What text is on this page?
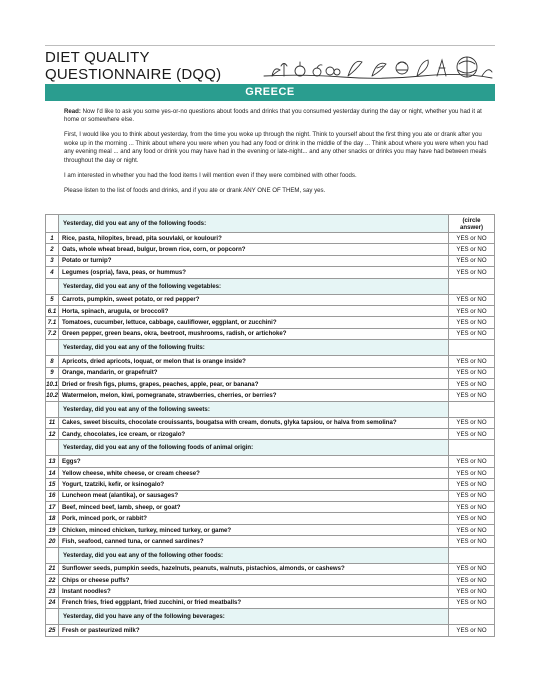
DIET QUALITY
QUESTIONNAIRE (DQQ)
GREECE

Read: Now I'd like to ask you some yes-or-no questions about foods and drinks that you consumed yesterday during the day or night, whether you had it at home or somewhere else.

First, I would like you to think about yesterday, from the time you woke up through the night. Think to yourself about the first thing you ate or drank after you woke up in the morning ... Think about where you were when you had any food or drink in the middle of the day ... Think about where you were when you had any evening meal ... and any food or drink you may have had in the evening or late-night... and any other snacks or drinks you may have had between meals throughout the day or night.

I am interested in whether you had the food items I will mention even if they were combined with other foods.

Please listen to the list of foods and drinks, and if you ate or drank ANY ONE OF THEM, say yes.

	Yesterday, did you eat any of the following foods:	(circle answer)
1	Rice, pasta, hilopites, bread, pita souvlaki, or koulouri?	YES or NO
2	Oats, whole wheat bread, bulgur, brown rice, corn, or popcorn?	YES or NO
3	Potato or turnip?	YES or NO
4	Legumes (ospria), fava, peas, or hummus?	YES or NO
	Yesterday, did you eat any of the following vegetables:	
5	Carrots, pumpkin, sweet potato, or red pepper?	YES or NO
6.1	Horta, spinach, arugula, or broccoli?	YES or NO
7.1	Tomatoes, cucumber, lettuce, cabbage, cauliflower, eggplant, or zucchini?	YES or NO
7.2	Green pepper, green beans, okra, beetroot, mushrooms, radish, or artichoke?	YES or NO
	Yesterday, did you eat any of the following fruits:	
8	Apricots, dried apricots, loquat, or melon that is orange inside?	YES or NO
9	Orange, mandarin, or grapefruit?	YES or NO
10.1	Dried or fresh figs, plums, grapes, peaches, apple, pear, or banana?	YES or NO
10.2	Watermelon, melon, kiwi, pomegranate, strawberries, cherries, or berries?	YES or NO
	Yesterday, did you eat any of the following sweets:	
11	Cakes, sweet biscuits, chocolate crouissants, bougatsa with cream, donuts, glyka tapsiou, or halva from semolina?	YES or NO
12	Candy, chocolates, ice cream, or rizogalo?	YES or NO
	Yesterday, did you eat any of the following foods of animal origin:	
13	Eggs?	YES or NO
14	Yellow cheese, white cheese, or cream cheese?	YES or NO
15	Yogurt, tzatziki, kefir, or ksinogalo?	YES or NO
16	Luncheon meat (alantika), or sausages?	YES or NO
17	Beef, minced beef, lamb, sheep, or goat?	YES or NO
18	Pork, minced pork, or rabbit?	YES or NO
19	Chicken, minced chicken, turkey, minced turkey, or game?	YES or NO
20	Fish, seafood, canned tuna, or canned sardines?	YES or NO
	Yesterday, did you eat any of the following other foods:	
21	Sunflower seeds, pumpkin seeds, hazelnuts, peanuts, walnuts, pistachios, almonds, or cashews?	YES or NO
22	Chips or cheese puffs?	YES or NO
23	Instant noodles?	YES or NO
24	French fries, fried eggplant, fried zucchini, or fried meatballs?	YES or NO
	Yesterday, did you have any of the following beverages:	
25	Fresh or pasteurized milk?	YES or NO
